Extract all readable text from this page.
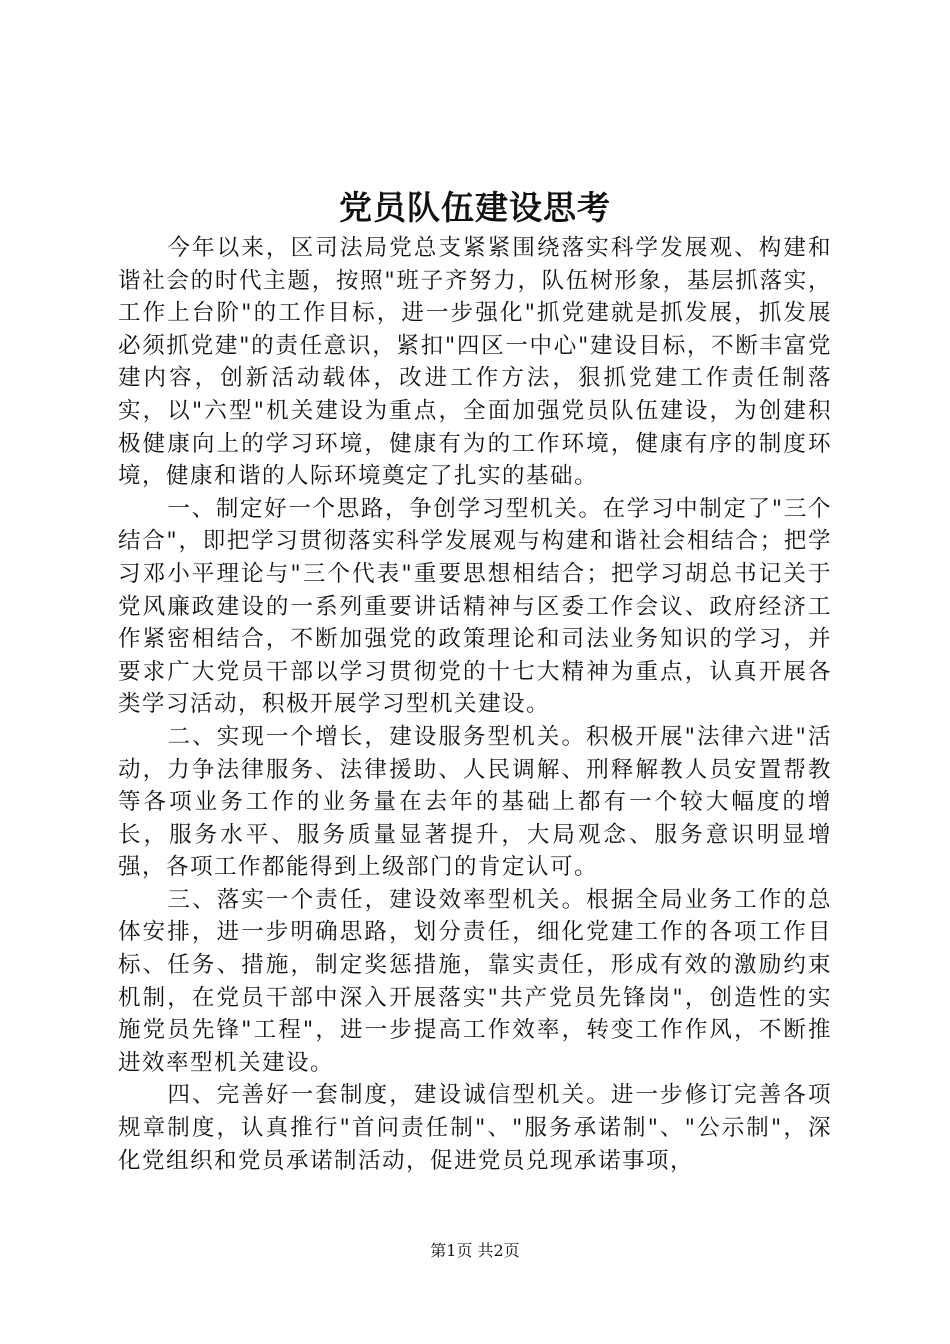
党员队伍建设思考

今年以来，区司法局党总支紧紧围绕落实科学发展观、构建和谐社会的时代主题，按照"班子齐努力，队伍树形象，基层抓落实，工作上台阶"的工作目标，进一步强化"抓党建就是抓发展，抓发展必须抓党建"的责任意识，紧扣"四区一中心"建设目标，不断丰富党建内容，创新活动载体，改进工作方法，狠抓党建工作责任制落实，以"六型"机关建设为重点，全面加强党员队伍建设，为创建积极健康向上的学习环境，健康有为的工作环境，健康有序的制度环境，健康和谐的人际环境奠定了扎实的基础。

一、制定好一个思路，争创学习型机关。在学习中制定了"三个结合"，即把学习贯彻落实科学发展观与构建和谐社会相结合；把学习邓小平理论与"三个代表"重要思想相结合；把学习胡总书记关于党风廉政建设的一系列重要讲话精神与区委工作会议、政府经济工作紧密相结合，不断加强党的政策理论和司法业务知识的学习，并要求广大党员干部以学习贯彻党的十七大精神为重点，认真开展各类学习活动，积极开展学习型机关建设。

二、实现一个增长，建设服务型机关。积极开展"法律六进"活动，力争法律服务、法律援助、人民调解、刑释解教人员安置帮教等各项业务工作的业务量在去年的基础上都有一个较大幅度的增长，服务水平、服务质量显著提升，大局观念、服务意识明显增强，各项工作都能得到上级部门的肯定认可。

三、落实一个责任，建设效率型机关。根据全局业务工作的总体安排，进一步明确思路，划分责任，细化党建工作的各项工作目标、任务、措施，制定奖惩措施，靠实责任，形成有效的激励约束机制，在党员干部中深入开展落实"共产党员先锋岗"，创造性的实施党员先锋"工程"，进一步提高工作效率，转变工作作风，不断推进效率型机关建设。

四、完善好一套制度，建设诚信型机关。进一步修订完善各项规章制度，认真推行"首问责任制"、"服务承诺制"、"公示制"，深化党组织和党员承诺制活动，促进党员兑现承诺事项，

第1页 共2页
